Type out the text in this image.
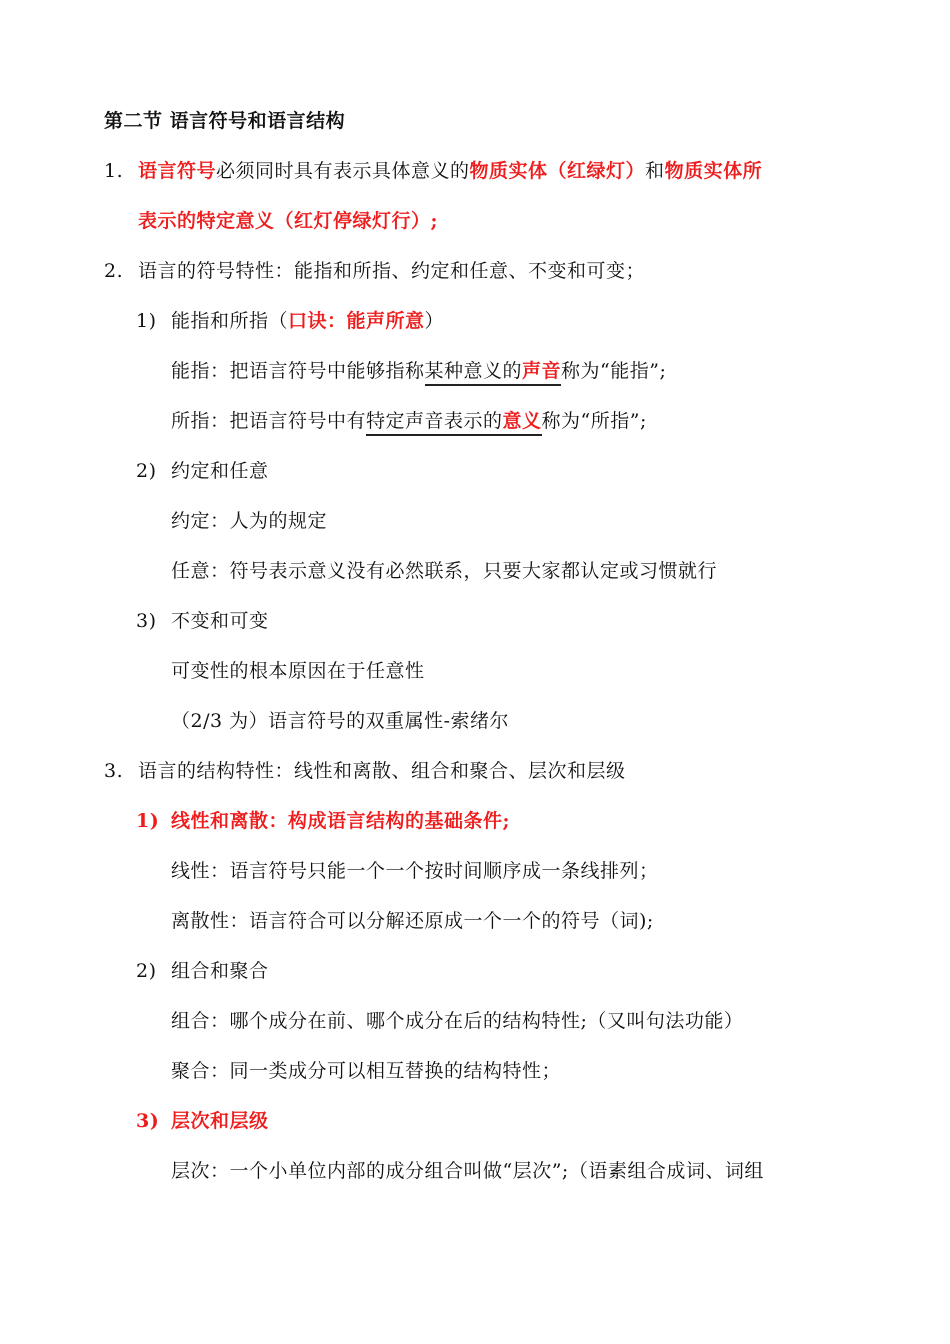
第二节 语言符号和语言结构
1. 语言符号必须同时具有表示具体意义的物质实体（红绿灯）和物质实体所
表示的特定意义（红灯停绿灯行）;
2. 语言的符号特性：能指和所指、约定和任意、不变和可变；
1) 能指和所指（口诀：能声所意）
能指：把语言符号中能够指称某种意义的声音称为“能指”;
所指：把语言符号中有特定声音表示的意义称为“所指”;
2) 约定和任意
约定：人为的规定
任意：符号表示意义没有必然联系，只要大家都认定或习惯就行
3) 不变和可变
可变性的根本原因在于任意性
（2/3 为）语言符号的双重属性-索绪尔
3. 语言的结构特性：线性和离散、组合和聚合、层次和层级
1) 线性和离散：构成语言结构的基础条件;
线性：语言符号只能一个一个按时间顺序成一条线排列；
离散性：语言符合可以分解还原成一个一个的符号（词);
2) 组合和聚合
组合：哪个成分在前、哪个成分在后的结构特性;（又叫句法功能）
聚合：同一类成分可以相互替换的结构特性；
3) 层次和层级
层次：一个小单位内部的成分组合叫做“层次”;（语素组合成词、词组
